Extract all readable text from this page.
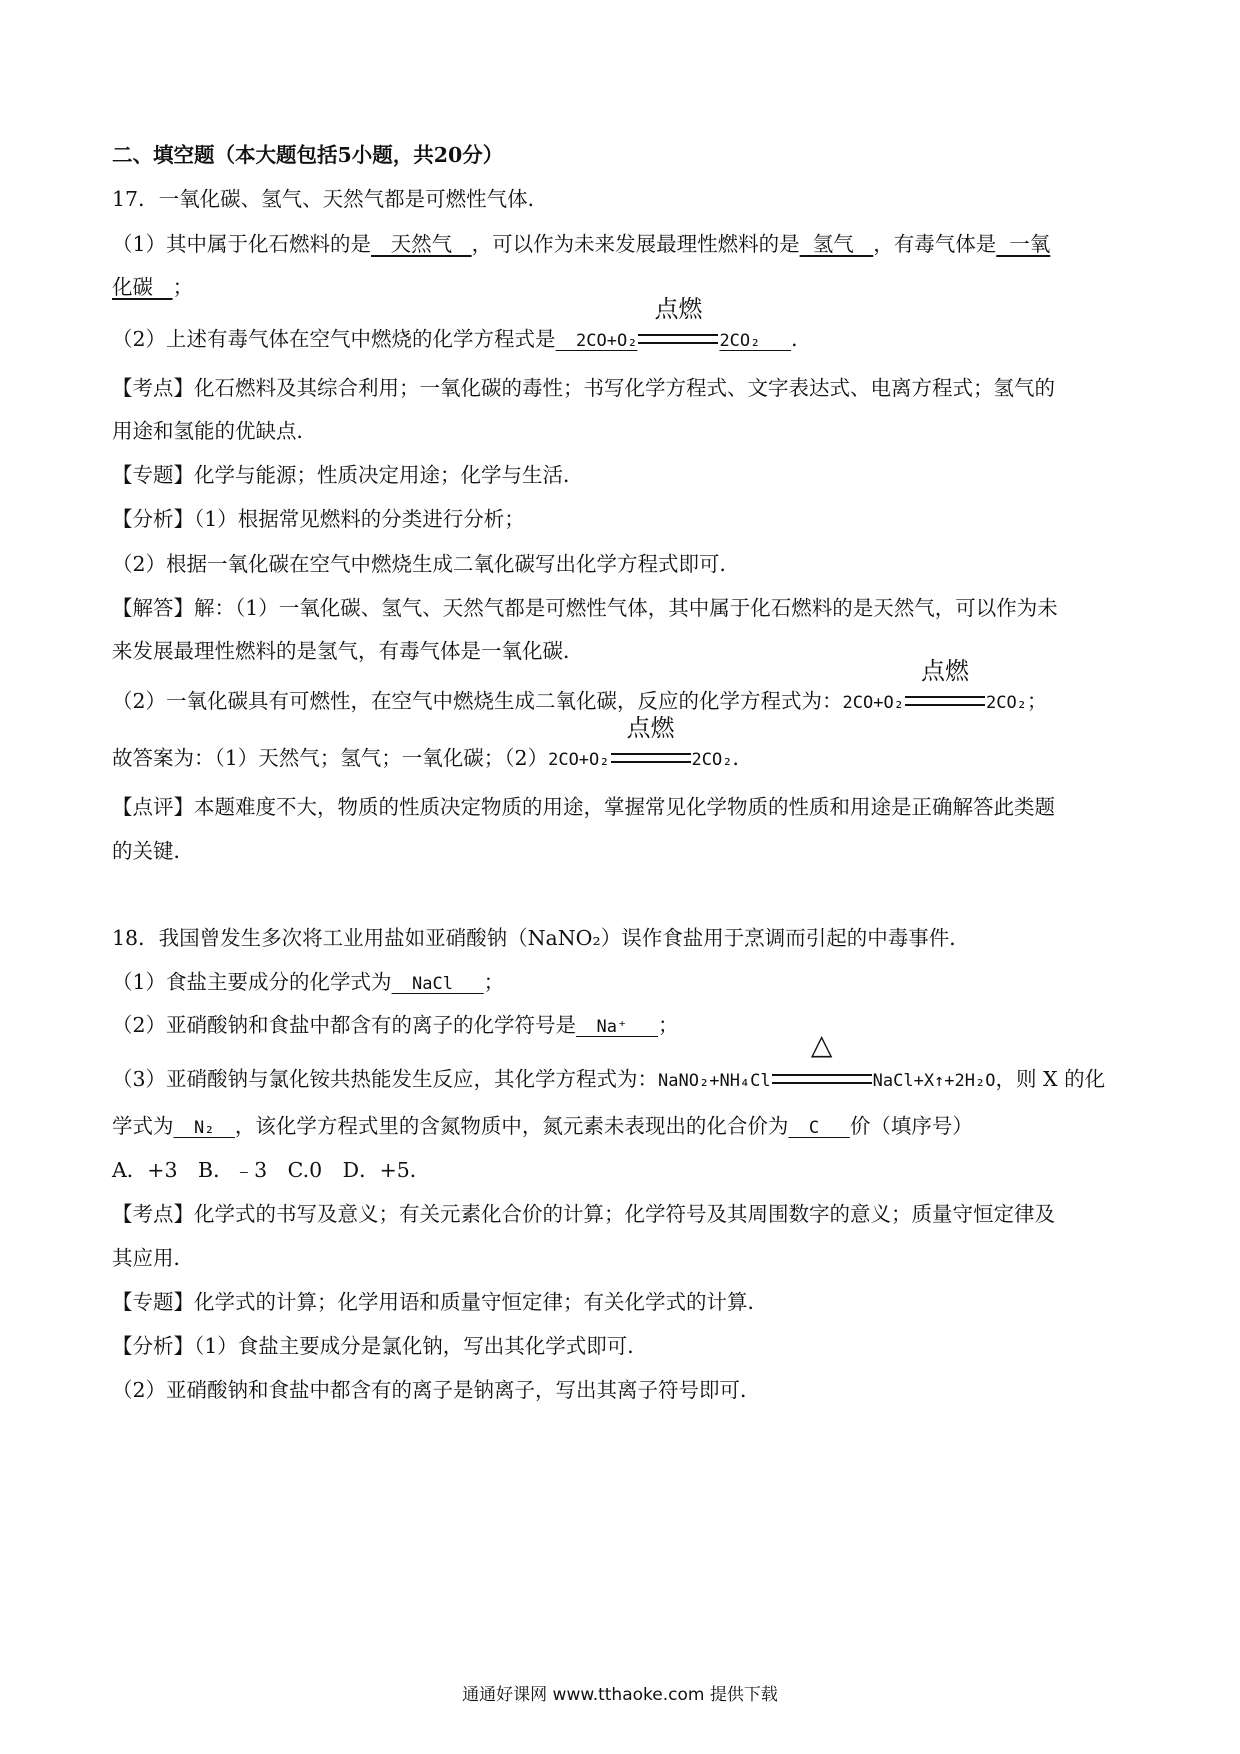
二、填空题（本大题包括5小题，共20分）
17．一氧化碳、氢气、天然气都是可燃性气体．
（1）其中属于化石燃料的是   天然气   ，可以作为未来发展最理性燃料的是  氢气   ，有毒气体是  一氧
化碳   ；
（2）上述有毒气体在空气中燃烧的化学方程式是  2CO+O₂
点燃
2CO₂   ．
【考点】化石燃料及其综合利用；一氧化碳的毒性；书写化学方程式、文字表达式、电离方程式；氢气的
用途和氢能的优缺点．
【专题】化学与能源；性质决定用途；化学与生活．
【分析】（1）根据常见燃料的分类进行分析；
（2）根据一氧化碳在空气中燃烧生成二氧化碳写出化学方程式即可．
【解答】解：（1）一氧化碳、氢气、天然气都是可燃性气体，其中属于化石燃料的是天然气，可以作为未
来发展最理性燃料的是氢气，有毒气体是一氧化碳．
（2）一氧化碳具有可燃性，在空气中燃烧生成二氧化碳，反应的化学方程式为：2CO+O₂
点燃
2CO₂；
故答案为：（1）天然气；氢气；一氧化碳；（2）2CO+O₂
点燃
2CO₂．
【点评】本题难度不大，物质的性质决定物质的用途，掌握常见化学物质的性质和用途是正确解答此类题
的关键．
18．我国曾发生多次将工业用盐如亚硝酸钠（NaNO₂）误作食盐用于烹调而引起的中毒事件．
（1）食盐主要成分的化学式为  NaCl   ；
（2）亚硝酸钠和食盐中都含有的离子的化学符号是  Na⁺   ；
（3）亚硝酸钠与氯化铵共热能发生反应，其化学方程式为：NaNO₂+NH₄Cl
△
NaCl+X↑+2H₂O，则 X 的化
学式为  N₂  ，该化学方程式里的含氮物质中，氮元素未表现出的化合价为  C   价（填序号）
A．+3　B．﹣3　C.0　D．+5．
【考点】化学式的书写及意义；有关元素化合价的计算；化学符号及其周围数字的意义；质量守恒定律及
其应用．
【专题】化学式的计算；化学用语和质量守恒定律；有关化学式的计算．
【分析】（1）食盐主要成分是氯化钠，写出其化学式即可．
（2）亚硝酸钠和食盐中都含有的离子是钠离子，写出其离子符号即可．
通通好课网 www.tthaoke.com 提供下载
